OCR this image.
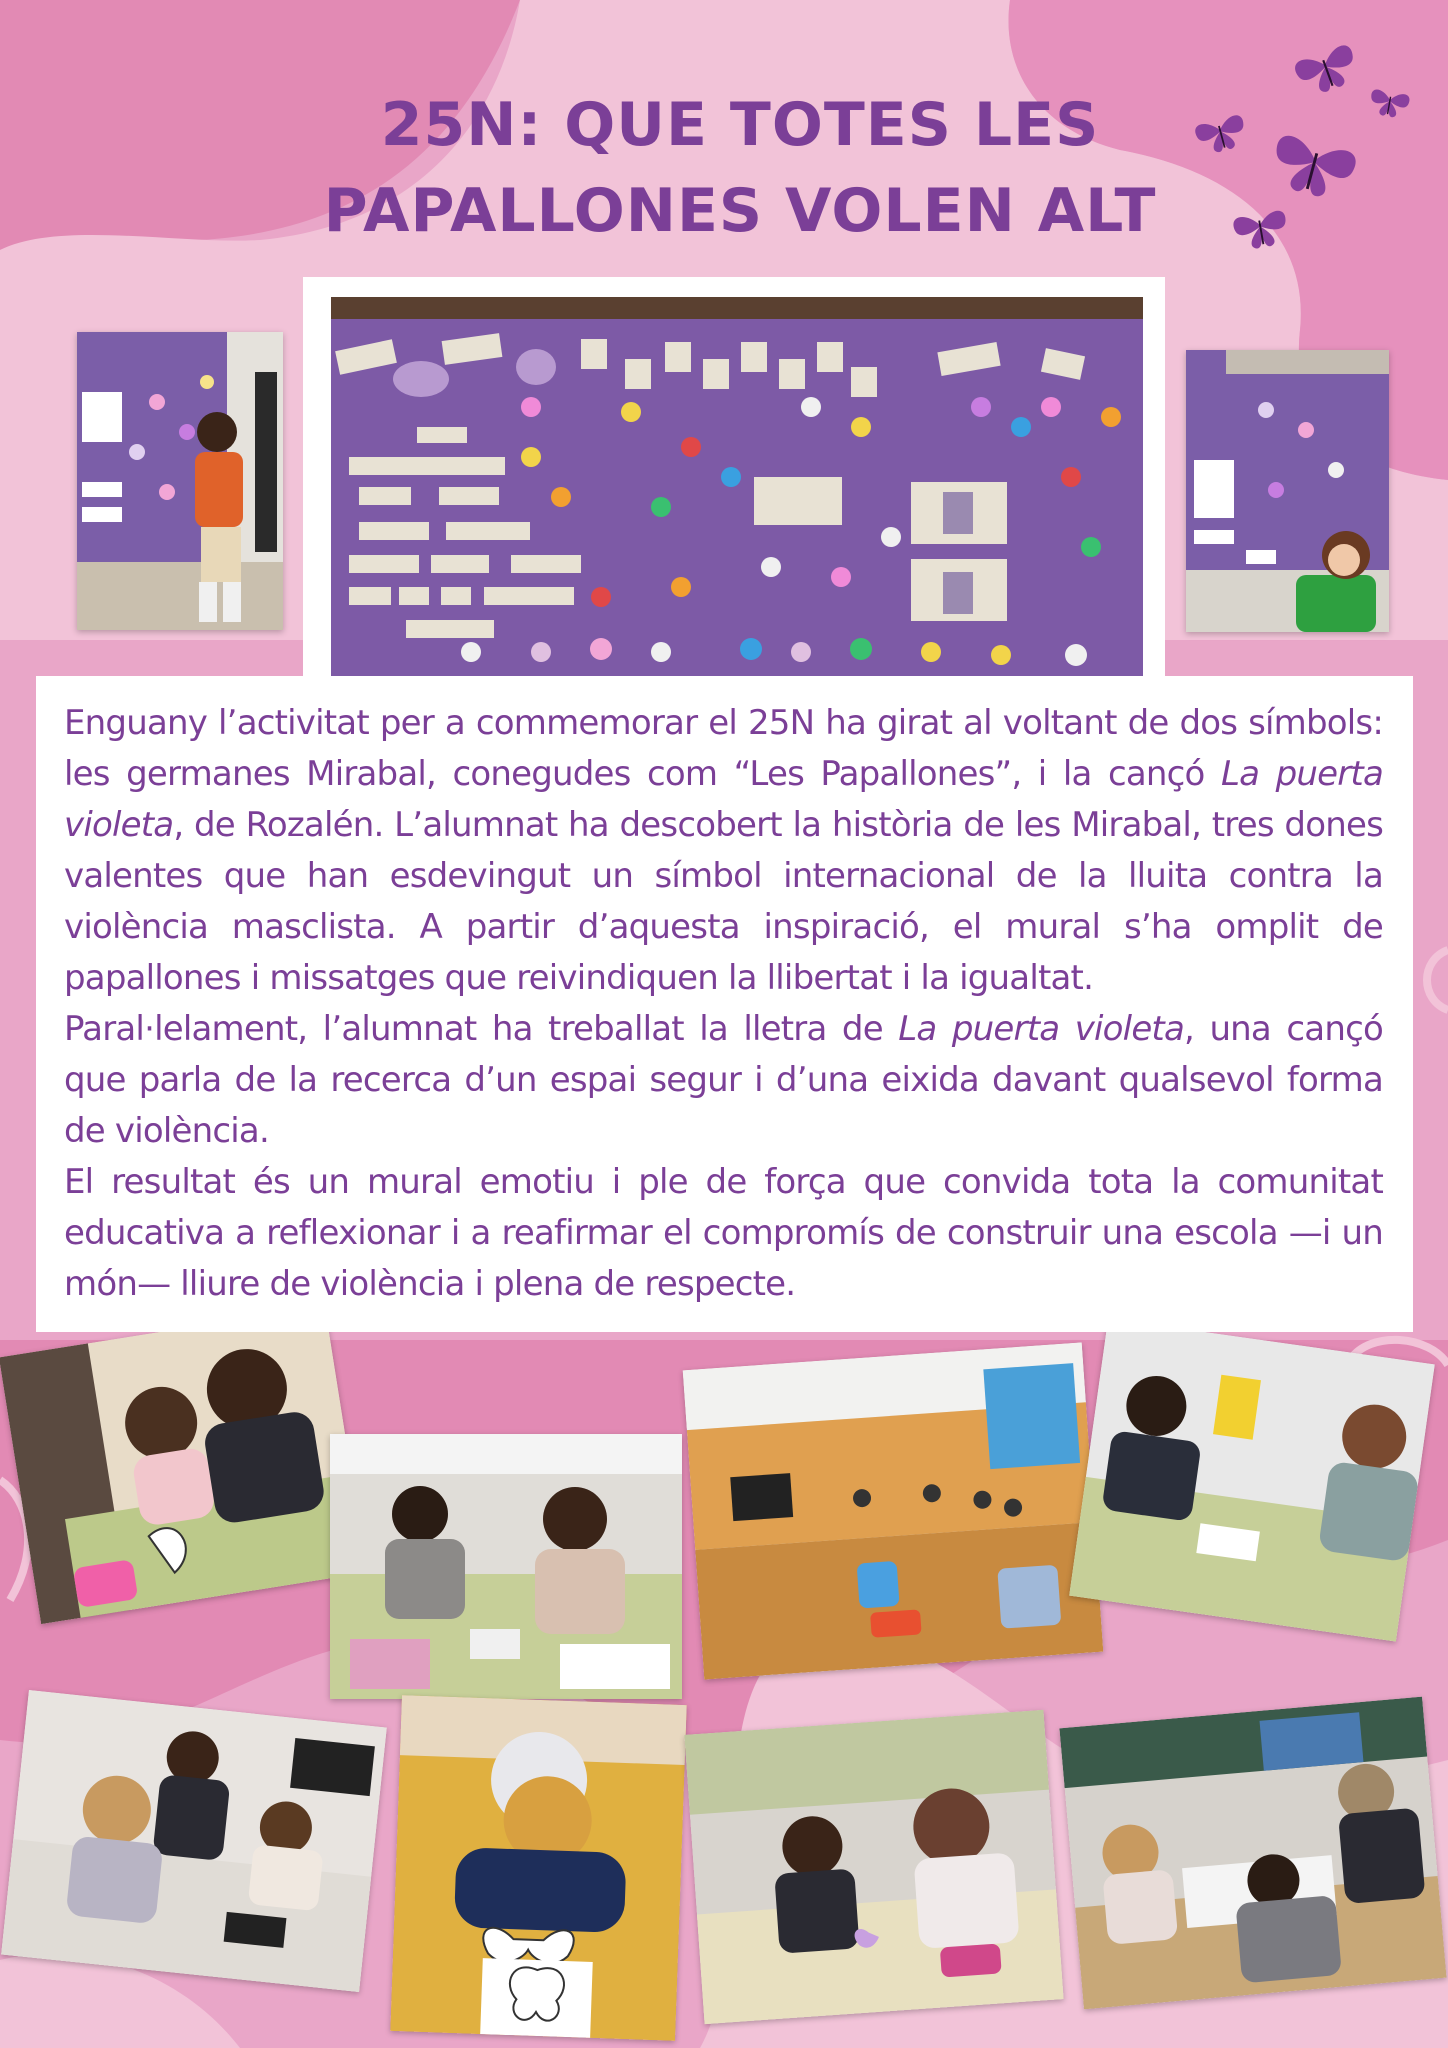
25N: QUE TOTES LES
PAPALLONES VOLEN ALT

Enguany l’activitat per a commemorar el 25N ha girat al voltant de dos símbols: les germanes Mirabal, conegudes com “Les Papallones”, i la cançó La puerta violeta, de Rozalén. L’alumnat ha descobert la història de les Mirabal, tres dones valentes que han esdevingut un símbol internacional de la lluita contra la violència masclista. A partir d’aquesta inspiració, el mural s’ha omplit de papallones i missatges que reivindiquen la llibertat i la igualtat.

Paral·lelament, l’alumnat ha treballat la lletra de La puerta violeta, una cançó que parla de la recerca d’un espai segur i d’una eixida davant qualsevol forma de violència.

El resultat és un mural emotiu i ple de força que convida tota la comunitat educativa a reflexionar i a reafirmar el compromís de construir una escola —i un món— lliure de violència i plena de respecte.
